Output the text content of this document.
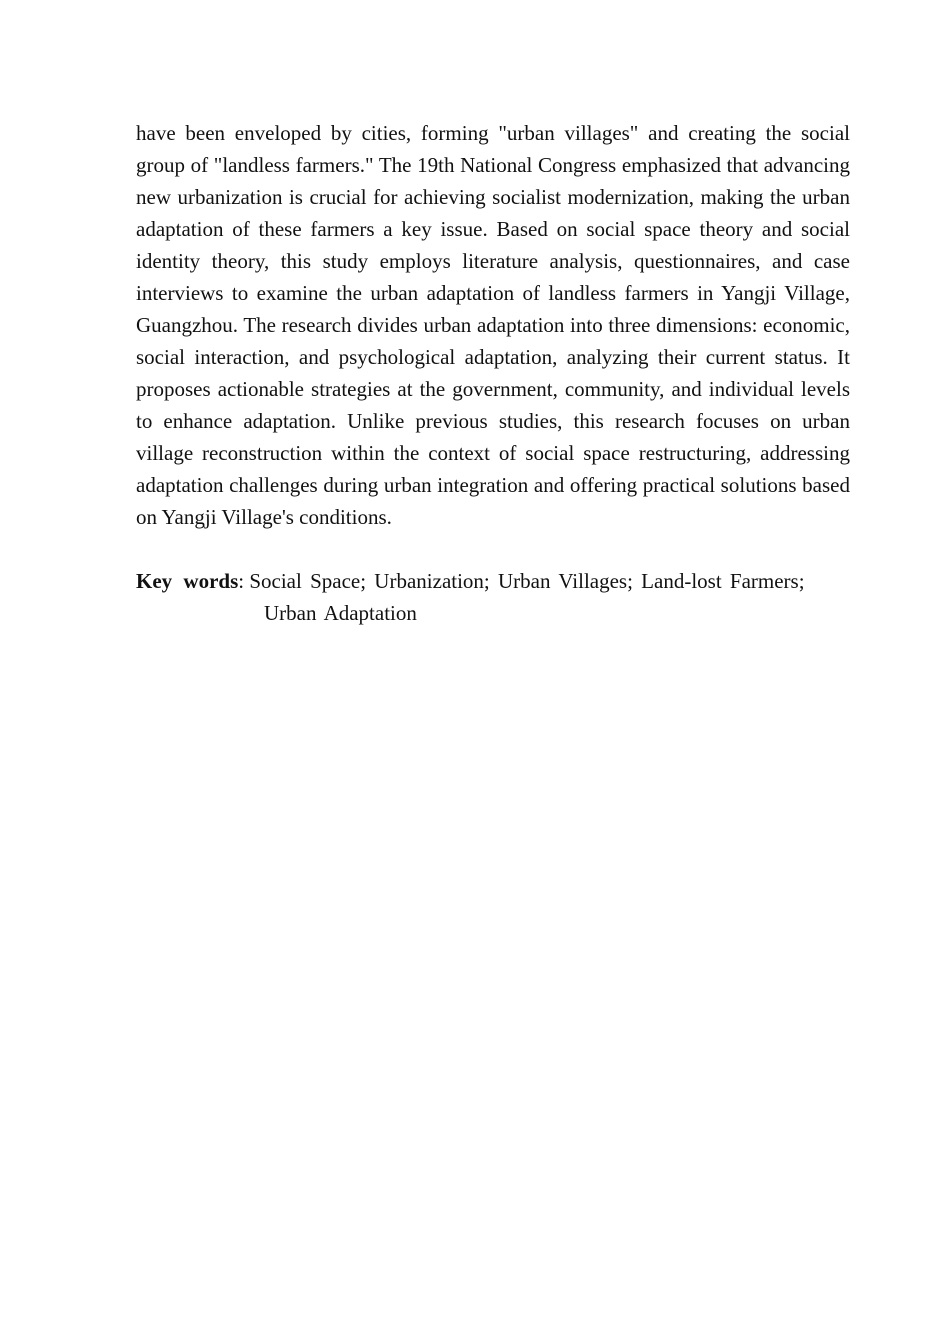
have been enveloped by cities, forming "urban villages" and creating the social group of "landless farmers." The 19th National Congress emphasized that advancing new urbanization is crucial for achieving socialist modernization, making the urban adaptation of these farmers a key issue. Based on social space theory and social identity theory, this study employs literature analysis, questionnaires, and case interviews to examine the urban adaptation of landless farmers in Yangji Village, Guangzhou. The research divides urban adaptation into three dimensions: economic, social interaction, and psychological adaptation, analyzing their current status. It proposes actionable strategies at the government, community, and individual levels to enhance adaptation. Unlike previous studies, this research focuses on urban village reconstruction within the context of social space restructuring, addressing adaptation challenges during urban integration and offering practical solutions based on Yangji Village's conditions.

Key words: Social Space; Urbanization; Urban Villages; Land-lost Farmers; Urban Adaptation
